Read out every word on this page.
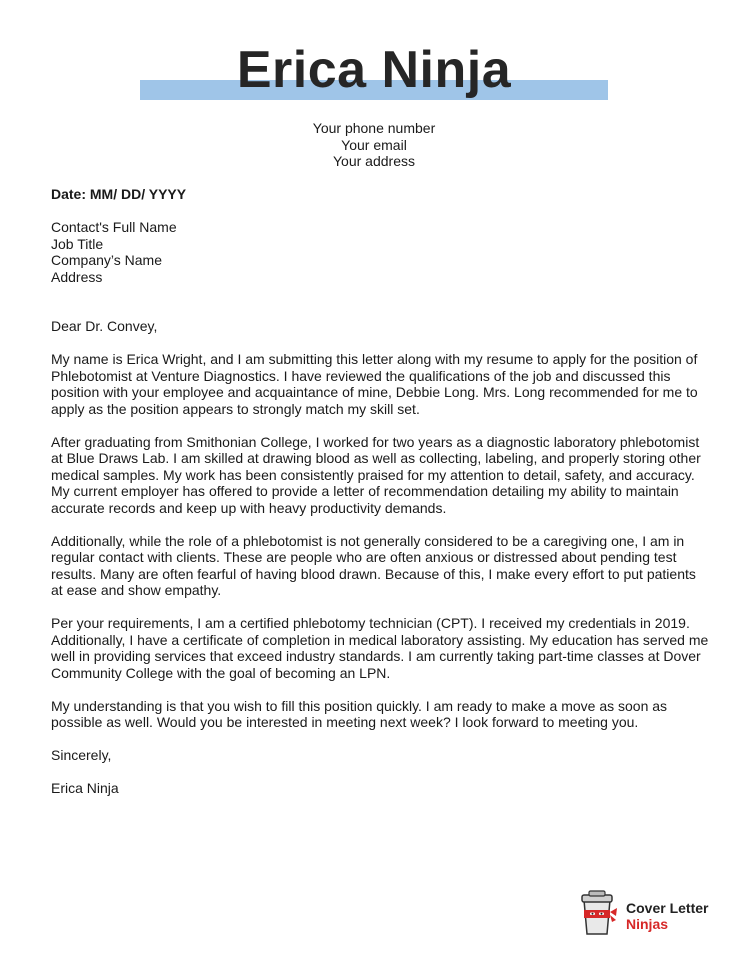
Erica Ninja
Your phone number
Your email
Your address
Date: MM/ DD/ YYYY
Contact's Full Name
Job Title
Company’s Name
Address

Dear Dr. Convey,

My name is Erica Wright, and I am submitting this letter along with my resume to apply for the position of Phlebotomist at Venture Diagnostics. I have reviewed the qualifications of the job and discussed this position with your employee and acquaintance of mine, Debbie Long. Mrs. Long recommended for me to apply as the position appears to strongly match my skill set.

After graduating from Smithonian College, I worked for two years as a diagnostic laboratory phlebotomist at Blue Draws Lab. I am skilled at drawing blood as well as collecting, labeling, and properly storing other medical samples. My work has been consistently praised for my attention to detail, safety, and accuracy. My current employer has offered to provide a letter of recommendation detailing my ability to maintain accurate records and keep up with heavy productivity demands.

Additionally, while the role of a phlebotomist is not generally considered to be a caregiving one, I am in regular contact with clients. These are people who are often anxious or distressed about pending test results. Many are often fearful of having blood drawn. Because of this, I make every effort to put patients at ease and show empathy.

Per your requirements, I am a certified phlebotomy technician (CPT). I received my credentials in 2019. Additionally, I have a certificate of completion in medical laboratory assisting. My education has served me well in providing services that exceed industry standards. I am currently taking part-time classes at Dover Community College with the goal of becoming an LPN.

My understanding is that you wish to fill this position quickly. I am ready to make a move as soon as possible as well. Would you be interested in meeting next week? I look forward to meeting you.

Sincerely,

Erica Ninja

Cover Letter
Ninjas
